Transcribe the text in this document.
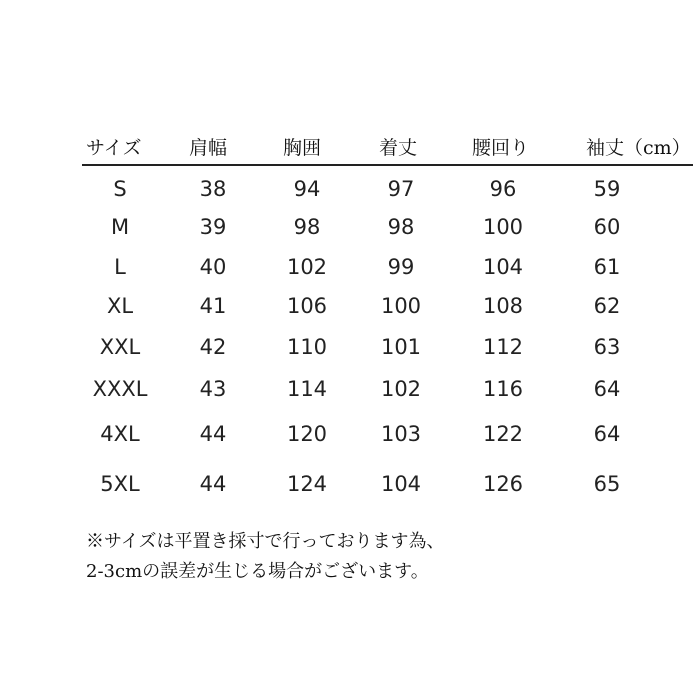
サイズ	肩幅	胸囲	着丈	腰回り	袖丈（cm）
S	38	94	97	96	59
M	39	98	98	100	60
L	40	102	99	104	61
XL	41	106	100	108	62
XXL	42	110	101	112	63
XXXL	43	114	102	116	64
4XL	44	120	103	122	64
5XL	44	124	104	126	65
※サイズは平置き採寸で行っております為、
2-3cmの誤差が生じる場合がございます。
